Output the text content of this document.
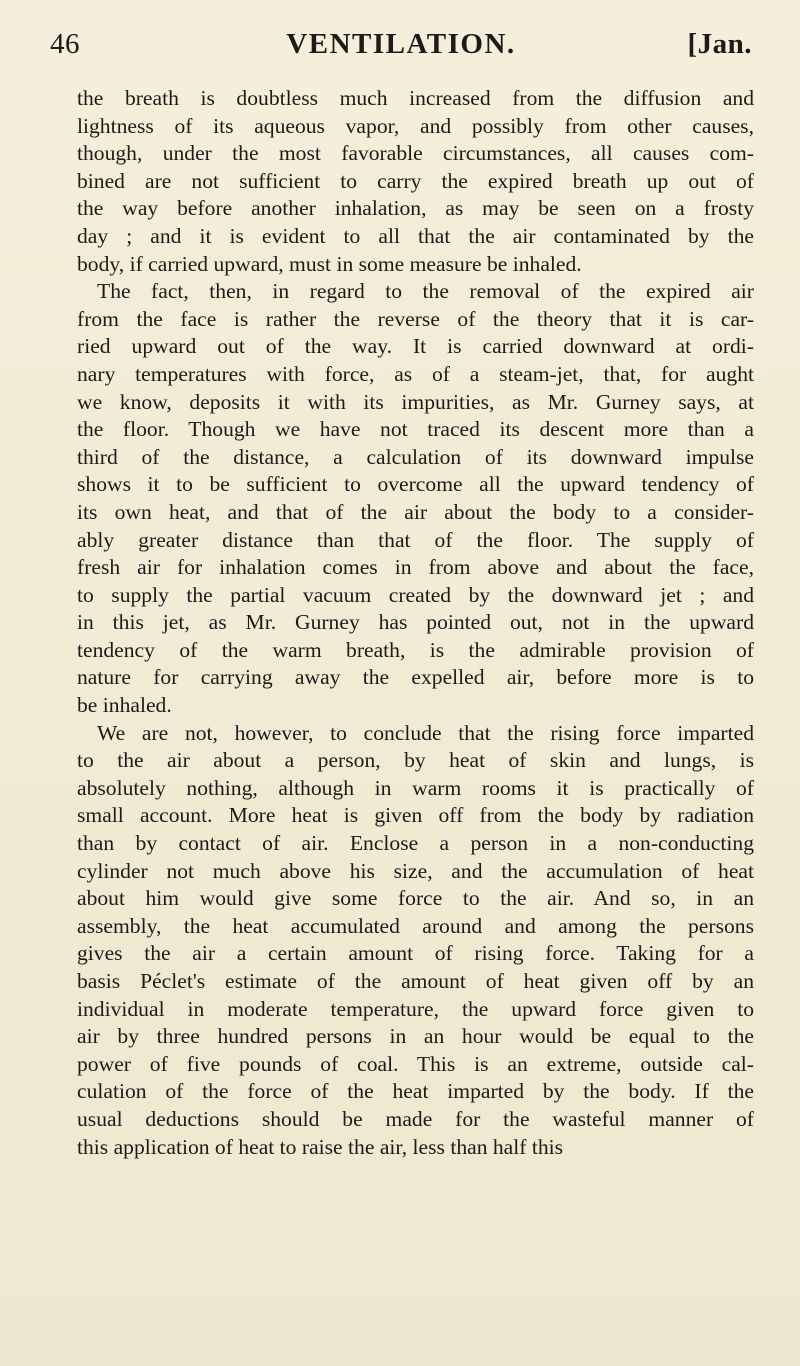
46	VENTILATION.	[Jan.
the breath is doubtless much increased from the diffusion and
lightness of its aqueous vapor, and possibly from other causes,
though, under the most favorable circumstances, all causes com-
bined are not sufficient to carry the expired breath up out of
the way before another inhalation, as may be seen on a frosty
day ; and it is evident to all that the air contaminated by the
body, if carried upward, must in some measure be inhaled.
The fact, then, in regard to the removal of the expired air
from the face is rather the reverse of the theory that it is car-
ried upward out of the way. It is carried downward at ordi-
nary temperatures with force, as of a steam-jet, that, for aught
we know, deposits it with its impurities, as Mr. Gurney says, at
the floor. Though we have not traced its descent more than a
third of the distance, a calculation of its downward impulse
shows it to be sufficient to overcome all the upward tendency of
its own heat, and that of the air about the body to a consider-
ably greater distance than that of the floor. The supply of
fresh air for inhalation comes in from above and about the face,
to supply the partial vacuum created by the downward jet ; and
in this jet, as Mr. Gurney has pointed out, not in the upward
tendency of the warm breath, is the admirable provision of
nature for carrying away the expelled air, before more is to
be inhaled.
We are not, however, to conclude that the rising force imparted
to the air about a person, by heat of skin and lungs, is
absolutely nothing, although in warm rooms it is practically of
small account. More heat is given off from the body by radiation
than by contact of air. Enclose a person in a non-conducting
cylinder not much above his size, and the accumulation of heat
about him would give some force to the air. And so, in an
assembly, the heat accumulated around and among the persons
gives the air a certain amount of rising force. Taking for a
basis Péclet's estimate of the amount of heat given off by an
individual in moderate temperature, the upward force given to
air by three hundred persons in an hour would be equal to the
power of five pounds of coal. This is an extreme, outside cal-
culation of the force of the heat imparted by the body. If the
usual deductions should be made for the wasteful manner of
this application of heat to raise the air, less than half this
